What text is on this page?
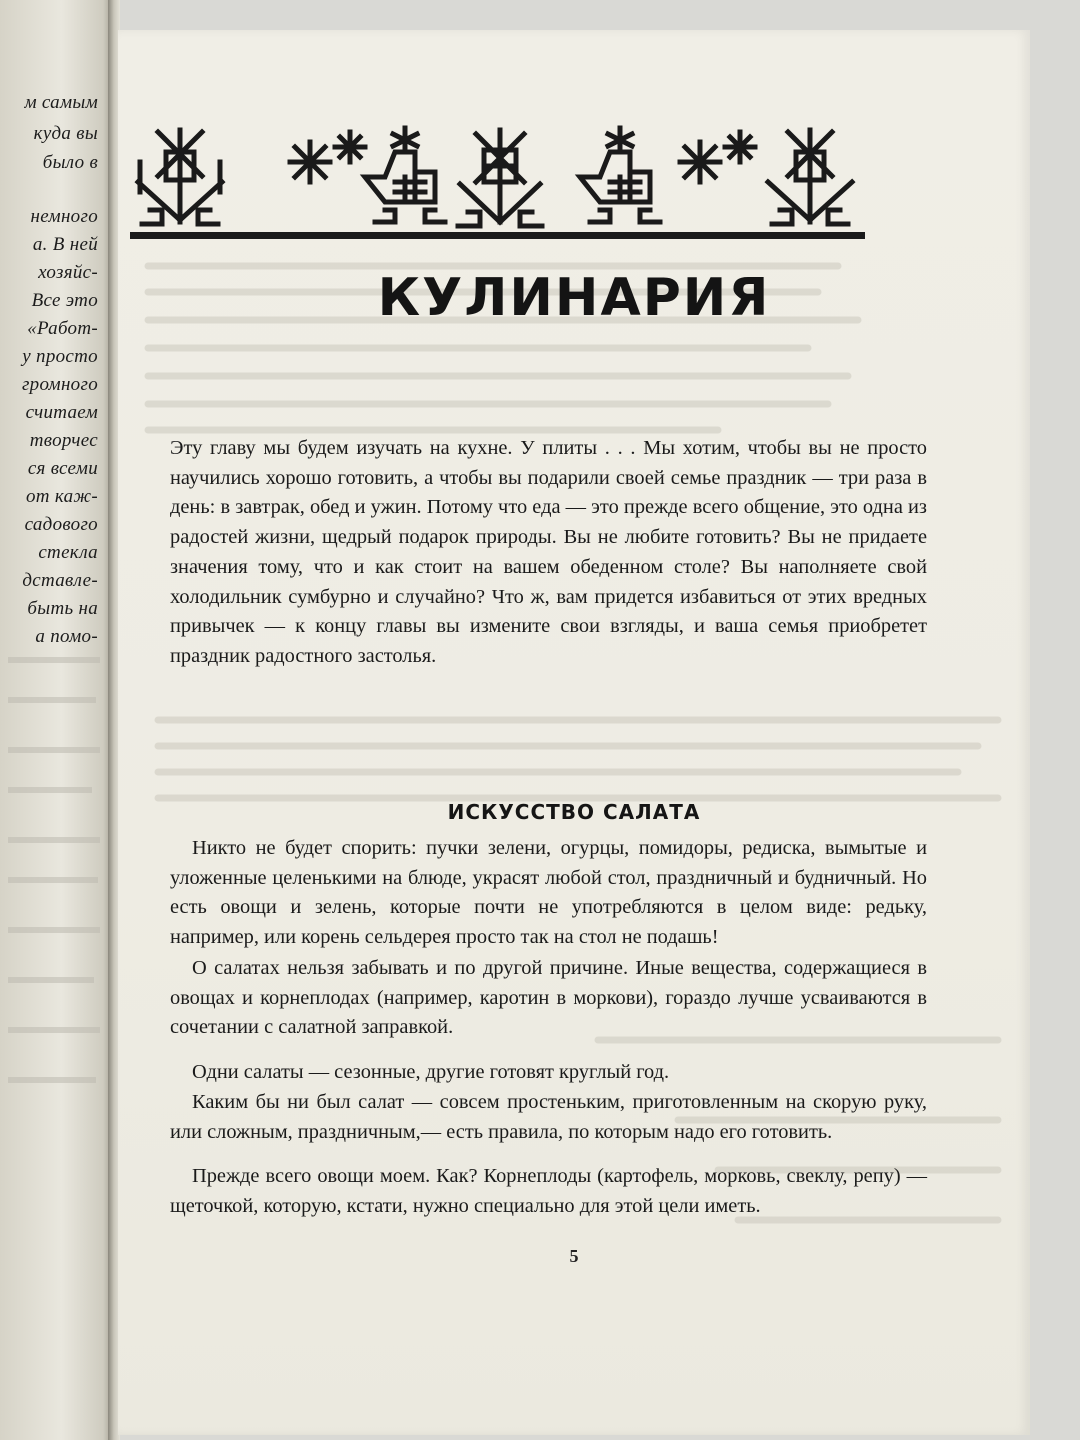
м самым
куда вы
было в
немного
а. В ней
хозяйс-
Все это
«Работ-
у просто
громного
считаем
творчес
ся всеми
от каж-
садового
стекла
дставле-
быть на
а помо-
КУЛИНАРИЯ

Эту главу мы будем изучать на кухне. У плиты . . . Мы хотим, чтобы вы не просто научились хорошо готовить, а чтобы вы подарили своей семье праздник — три раза в день: в завтрак, обед и ужин. Потому что еда — это прежде всего общение, это одна из радостей жизни, щедрый подарок природы. Вы не любите готовить? Вы не придаете значения тому, что и как стоит на вашем обеденном столе? Вы наполняете свой холодильник сумбурно и случайно? Что ж, вам придется избавиться от этих вредных привычек — к концу главы вы измените свои взгляды, и ваша семья приобретет праздник радостного застолья.

ИСКУССТВО САЛАТА

Никто не будет спорить: пучки зелени, огурцы, помидоры, редиска, вымытые и уложенные целенькими на блюде, украсят любой стол, праздничный и будничный. Но есть овощи и зелень, которые почти не употребляются в целом виде: редьку, например, или корень сельдерея просто так на стол не подашь!

О салатах нельзя забывать и по другой причине. Иные вещества, содержащиеся в овощах и корнеплодах (например, каротин в моркови), гораздо лучше усваиваются в сочетании с салатной заправкой.

Одни салаты — сезонные, другие готовят круглый год.

Каким бы ни был салат — совсем простеньким, приготовленным на скорую руку, или сложным, праздничным,— есть правила, по которым надо его готовить.

Прежде всего овощи моем. Как? Корнеплоды (картофель, морковь, свеклу, репу) — щеточкой, которую, кстати, нужно специально для этой цели иметь.

5
